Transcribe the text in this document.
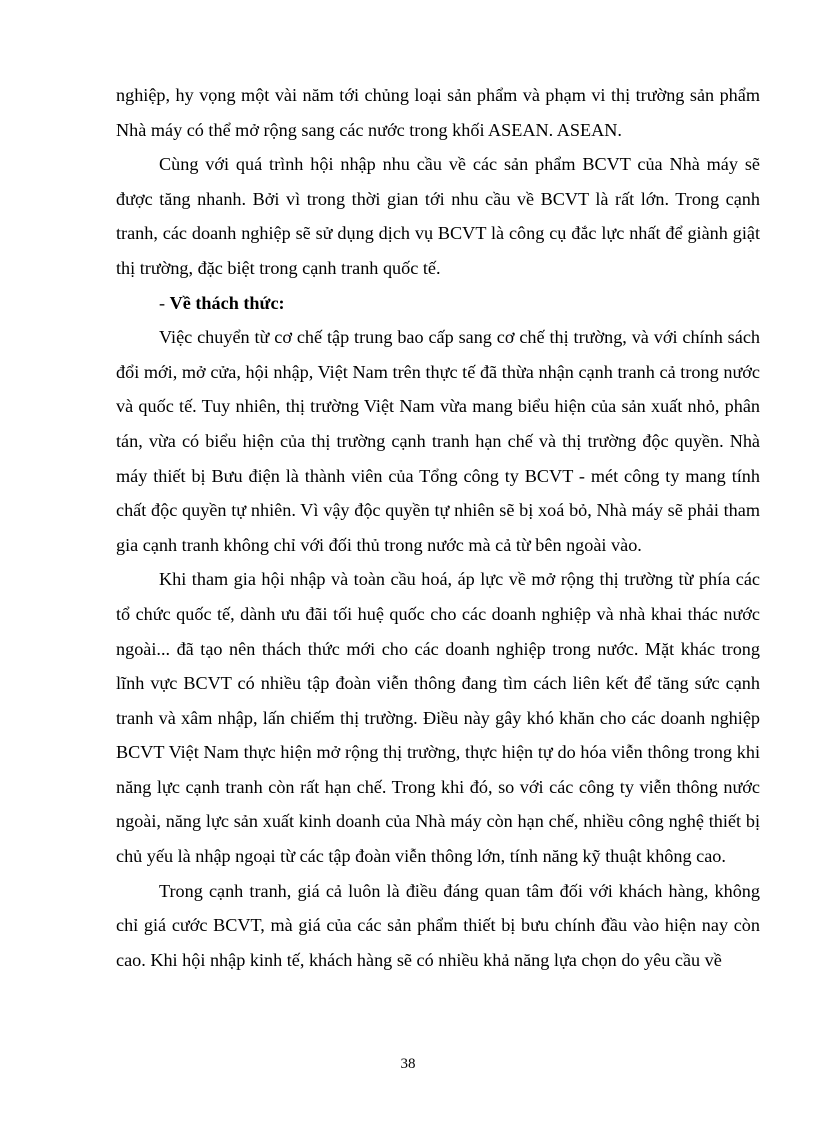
nghiệp, hy vọng một vài năm tới chủng loại sản phẩm và phạm vi thị trường sản phẩm Nhà máy có thể mở rộng sang các nước trong khối ASEAN. ASEAN.

Cùng với quá trình hội nhập nhu cầu về các sản phẩm BCVT của Nhà máy sẽ được tăng nhanh. Bởi vì trong thời gian tới nhu cầu về BCVT là rất lớn. Trong cạnh tranh, các doanh nghiệp sẽ sử dụng dịch vụ BCVT là công cụ đắc lực nhất để giành giật thị trường, đặc biệt trong cạnh tranh quốc tế.

- Về thách thức:

Việc chuyển từ cơ chế tập trung bao cấp sang cơ chế thị trường, và với chính sách đổi mới, mở cửa, hội nhập, Việt Nam trên thực tế đã thừa nhận cạnh tranh cả trong nước và quốc tế. Tuy nhiên, thị trường Việt Nam vừa mang biểu hiện của sản xuất nhỏ, phân tán, vừa có biểu hiện của thị trường cạnh tranh hạn chế và thị trường độc quyền. Nhà máy thiết bị Bưu điện là thành viên của Tổng công ty BCVT - mét công ty mang tính chất độc quyền tự nhiên. Vì vậy độc quyền tự nhiên sẽ bị xoá bỏ, Nhà máy sẽ phải tham gia cạnh tranh không chỉ với đối thủ trong nước mà cả từ bên ngoài vào.

Khi tham gia hội nhập và toàn cầu hoá, áp lực về mở rộng thị trường từ phía các tổ chức quốc tế, dành ưu đãi tối huệ quốc cho các doanh nghiệp và nhà khai thác nước ngoài... đã tạo nên thách thức mới cho các doanh nghiệp trong nước. Mặt khác trong lĩnh vực BCVT có nhiều tập đoàn viễn thông đang tìm cách liên kết để tăng sức cạnh tranh và xâm nhập, lấn chiếm thị trường. Điều này gây khó khăn cho các doanh nghiệp BCVT Việt Nam thực hiện mở rộng thị trường, thực hiện tự do hóa viễn thông trong khi năng lực cạnh tranh còn rất hạn chế. Trong khi đó, so với các công ty viễn thông nước ngoài, năng lực sản xuất kinh doanh của Nhà máy còn hạn chế, nhiều công nghệ thiết bị chủ yếu là nhập ngoại từ các tập đoàn viễn thông lớn, tính năng kỹ thuật không cao.

Trong cạnh tranh, giá cả luôn là điều đáng quan tâm đối với khách hàng, không chỉ giá cước BCVT, mà giá của các sản phẩm thiết bị bưu chính đầu vào hiện nay còn cao. Khi hội nhập kinh tế, khách hàng sẽ có nhiều khả năng lựa chọn do yêu cầu về

38
